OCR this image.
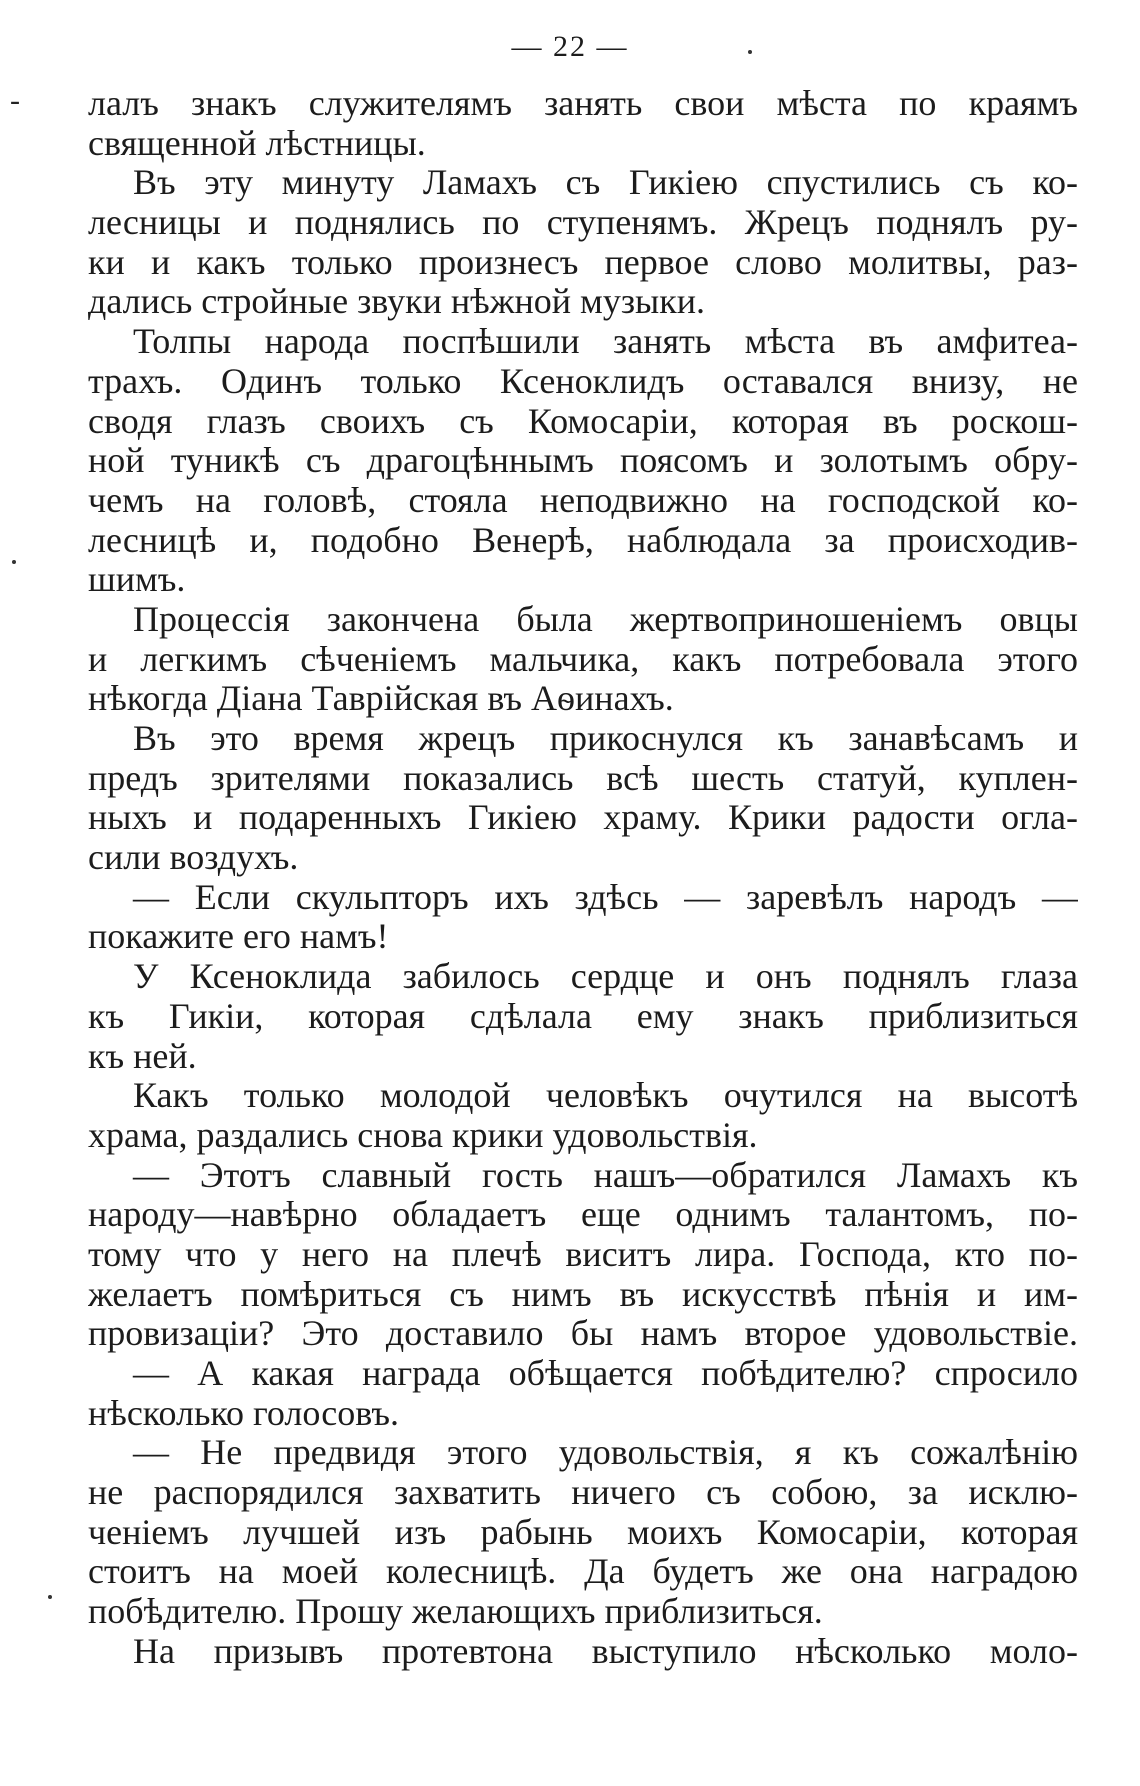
— 22 —
- лалъ знакъ служителямъ занять свои мѣста по краямъ
священной лѣстницы.
Въ эту минуту Ламахъ съ Гикіею спустились съ ко-
лесницы и поднялись по ступенямъ. Жрецъ поднялъ ру-
ки и какъ только произнесъ первое слово молитвы, раз-
дались стройные звуки нѣжной музыки.
Толпы народа поспѣшили занять мѣста въ амфитеа-
трахъ. Одинъ только Ксеноклидъ оставался внизу, не
сводя глазъ своихъ съ Комосаріи, которая въ роскош-
ной туникѣ съ драгоцѣннымъ поясомъ и золотымъ обру-
чемъ на головѣ, стояла неподвижно на господской ко-
лесницѣ и, подобно Венерѣ, наблюдала за происходив-
шимъ.
Процессія закончена была жертвоприношеніемъ овцы
и легкимъ сѣченіемъ мальчика, какъ потребовала этого
нѣкогда Діана Таврійская въ Аѳинахъ.
Въ это время жрецъ прикоснулся къ занавѣсамъ и
предъ зрителями показались всѣ шесть статуй, куплен-
ныхъ и подаренныхъ Гикіею храму. Крики радости огла-
сили воздухъ.
— Если скульпторъ ихъ здѣсь — заревѣлъ народъ —
покажите его намъ!
У Ксеноклида забилось сердце и онъ поднялъ глаза
къ Гикіи, которая сдѣлала ему знакъ приблизиться
къ ней.
Какъ только молодой человѣкъ очутился на высотѣ
храма, раздались снова крики удовольствія.
— Этотъ славный гость нашъ—обратился Ламахъ къ
народу—навѣрно обладаетъ еще однимъ талантомъ, по-
тому что у него на плечѣ виситъ лира. Господа, кто по-
желаетъ помѣриться съ нимъ въ искусствѣ пѣнія и им-
провизаціи? Это доставило бы намъ второе удовольствіе.
— А какая награда обѣщается побѣдителю? спросило
нѣсколько голосовъ.
— Не предвидя этого удовольствія, я къ сожалѣнію
не распорядился захватить ничего съ собою, за исклю-
ченіемъ лучшей изъ рабынь моихъ Комосаріи, которая
стоитъ на моей колесницѣ. Да будетъ же она наградою
побѣдителю. Прошу желающихъ приблизиться.
На призывъ протевтона выступило нѣсколько моло-
